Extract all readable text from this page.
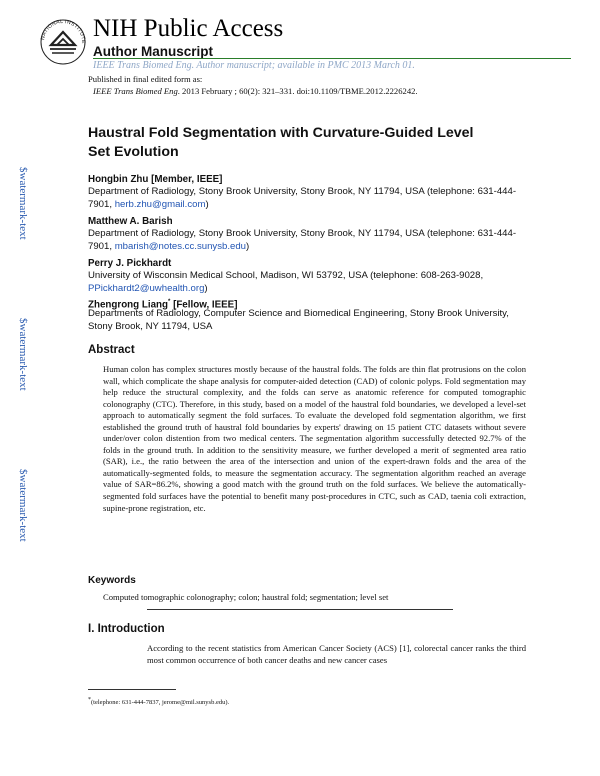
NATIONAL INSTITUTE NIH Public Access
Author Manuscript
IEEE Trans Biomed Eng. Author manuscript; available in PMC 2013 March 01.
Published in final edited form as:
IEEE Trans Biomed Eng. 2013 February ; 60(2): 321–331. doi:10.1109/TBME.2012.2226242.
$watermark-text
$watermark-text
$watermark-text
Haustral Fold Segmentation with Curvature-Guided Level Set Evolution
Hongbin Zhu [Member, IEEE]
Department of Radiology, Stony Brook University, Stony Brook, NY 11794, USA (telephone: 631-444-7901, herb.zhu@gmail.com)
Matthew A. Barish
Department of Radiology, Stony Brook University, Stony Brook, NY 11794, USA (telephone: 631-444-7901, mbarish@notes.cc.sunysb.edu)
Perry J. Pickhardt
University of Wisconsin Medical School, Madison, WI 53792, USA (telephone: 608-263-9028, PPickhardt2@uwhealth.org)
Zhengrong Liang* [Fellow, IEEE]
Departments of Radiology, Computer Science and Biomedical Engineering, Stony Brook University, Stony Brook, NY 11794, USA
Abstract
Human colon has complex structures mostly because of the haustral folds. The folds are thin flat protrusions on the colon wall, which complicate the shape analysis for computer-aided detection (CAD) of colonic polyps. Fold segmentation may help reduce the structural complexity, and the folds can serve as anatomic reference for computed tomographic colonography (CTC). Therefore, in this study, based on a model of the haustral fold boundaries, we developed a level-set approach to automatically segment the fold surfaces. To evaluate the developed fold segmentation algorithm, we first established the ground truth of haustral fold boundaries by experts' drawing on 15 patient CTC datasets without severe under/over colon distention from two medical centers. The segmentation algorithm successfully detected 92.7% of the folds in the ground truth. In addition to the sensitivity measure, we further developed a merit of segmented area ratio (SAR), i.e., the ratio between the area of the intersection and union of the expert-drawn folds and the area of the automatically-segmented folds, to measure the segmentation accuracy. The segmentation algorithm reached an average value of SAR=86.2%, showing a good match with the ground truth on the fold surfaces. We believe the automatically-segmented fold surfaces have the potential to benefit many post-procedures in CTC, such as CAD, taenia coli extraction, supine-prone registration, etc.
Keywords
Computed tomographic colonography; colon; haustral fold; segmentation; level set
I. Introduction
According to the recent statistics from American Cancer Society (ACS) [1], colorectal cancer ranks the third most common occurrence of both cancer deaths and new cancer cases
*(telephone: 631-444-7837, jerome@mil.sunysb.edu).
